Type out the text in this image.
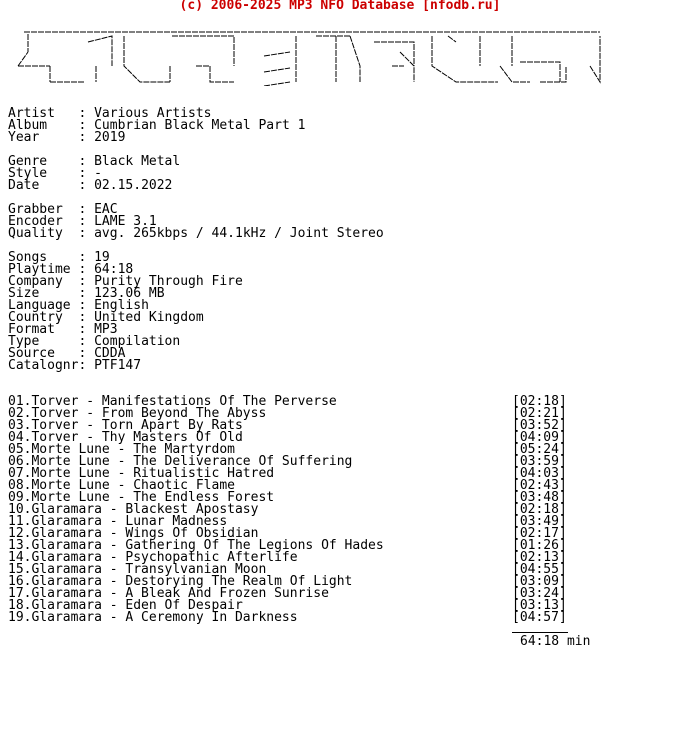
(c) 2006-2025 MP3 NFO Database [nfodb.ru]
Artist   : Various Artists
Album    : Cumbrian Black Metal Part 1
Year     : 2019
Genre    : Black Metal
Style    : -
Date     : 02.15.2022
Grabber  : EAC
Encoder  : LAME 3.1
Quality  : avg. 265kbps / 44.1kHz / Joint Stereo
Songs    : 19
Playtime : 64:18
Company  : Purity Through Fire
Size     : 123.06 MB
Language : English
Country  : United Kingdom
Format   : MP3
Type     : Compilation
Source   : CDDA
Catalognr: PTF147
01.Torver - Manifestations Of The Perverse	[02:18]
02.Torver - From Beyond The Abyss	[02:21]
03.Torver - Torn Apart By Rats	[03:52]
04.Torver - Thy Masters Of Old	[04:09]
05.Morte Lune - The Martyrdom	[05:24]
06.Morte Lune - The Deliverance Of Suffering	[03:59]
07.Morte Lune - Ritualistic Hatred	[04:03]
08.Morte Lune - Chaotic Flame	[02:43]
09.Morte Lune - The Endless Forest	[03:48]
10.Glaramara - Blackest Apostasy	[02:18]
11.Glaramara - Lunar Madness	[03:49]
12.Glaramara - Wings Of Obsidian	[02:17]
13.Glaramara - Gathering Of The Legions Of Hades	[01:26]
14.Glaramara - Psychopathic Afterlife	[02:13]
15.Glaramara - Transylvanian Moon	[04:55]
16.Glaramara - Destorying The Realm Of Light	[03:09]
17.Glaramara - A Bleak And Frozen Sunrise	[03:24]
18.Glaramara - Eden Of Despair	[03:13]
19.Glaramara - A Ceremony In Darkness	[04:57]
64:18 min
